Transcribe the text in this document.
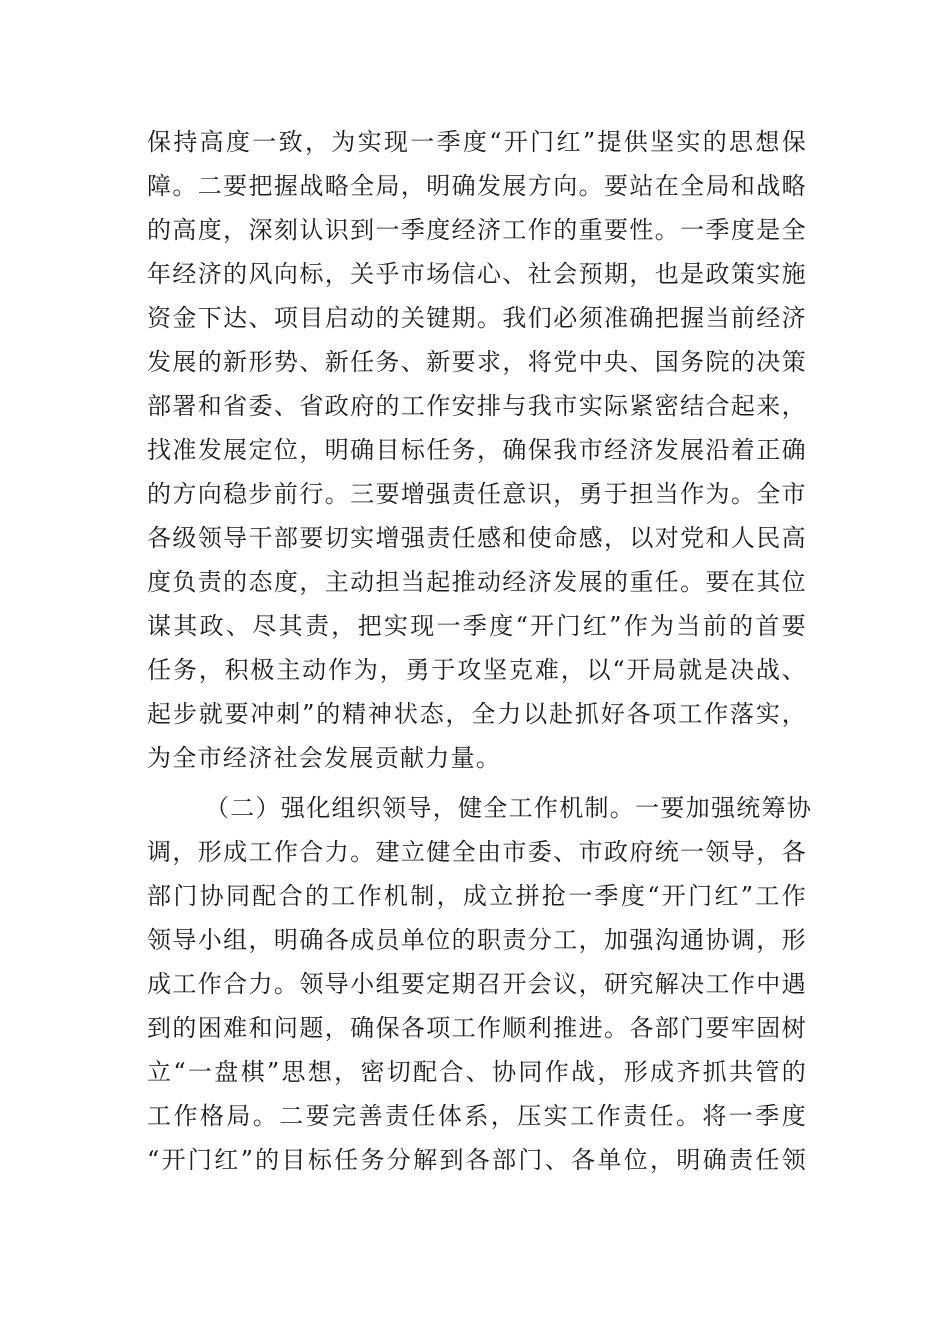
保持高度一致，为实现一季度“开门红”提供坚实的思想保
障。二要把握战略全局，明确发展方向。要站在全局和战略
的高度，深刻认识到一季度经济工作的重要性。一季度是全
年经济的风向标，关乎市场信心、社会预期，也是政策实施
资金下达、项目启动的关键期。我们必须准确把握当前经济
发展的新形势、新任务、新要求，将党中央、国务院的决策
部署和省委、省政府的工作安排与我市实际紧密结合起来，
找准发展定位，明确目标任务，确保我市经济发展沿着正确
的方向稳步前行。三要增强责任意识，勇于担当作为。全市
各级领导干部要切实增强责任感和使命感，以对党和人民高
度负责的态度，主动担当起推动经济发展的重任。要在其位
谋其政、尽其责，把实现一季度“开门红”作为当前的首要
任务，积极主动作为，勇于攻坚克难，以“开局就是决战、
起步就要冲刺”的精神状态，全力以赴抓好各项工作落实，
为全市经济社会发展贡献力量。
（二）强化组织领导，健全工作机制。一要加强统筹协
调，形成工作合力。建立健全由市委、市政府统一领导，各
部门协同配合的工作机制，成立拼抢一季度“开门红”工作
领导小组，明确各成员单位的职责分工，加强沟通协调，形
成工作合力。领导小组要定期召开会议，研究解决工作中遇
到的困难和问题，确保各项工作顺利推进。各部门要牢固树
立“一盘棋”思想，密切配合、协同作战，形成齐抓共管的
工作格局。二要完善责任体系，压实工作责任。将一季度
“开门红”的目标任务分解到各部门、各单位，明确责任领
